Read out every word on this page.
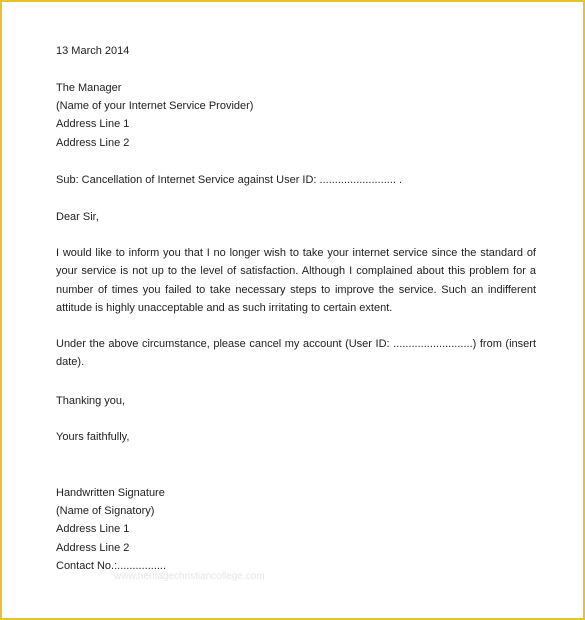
13 March 2014
The Manager
(Name of your Internet Service Provider)
Address Line 1
Address Line 2
Sub: Cancellation of Internet Service against User ID: ......................... .
Dear Sir,
I would like to inform you that I no longer wish to take your internet service since the standard of your service is not up to the level of satisfaction. Although I complained about this problem for a number of times you failed to take necessary steps to improve the service. Such an indifferent attitude is highly unacceptable and as such irritating to certain extent.
Under the above circumstance, please cancel my account (User ID: ..........................) from (insert date).
Thanking you,
Yours faithfully,
Handwritten Signature
(Name of Signatory)
Address Line 1
Address Line 2
Contact No.:................
www.heritagechristiancollege.com
